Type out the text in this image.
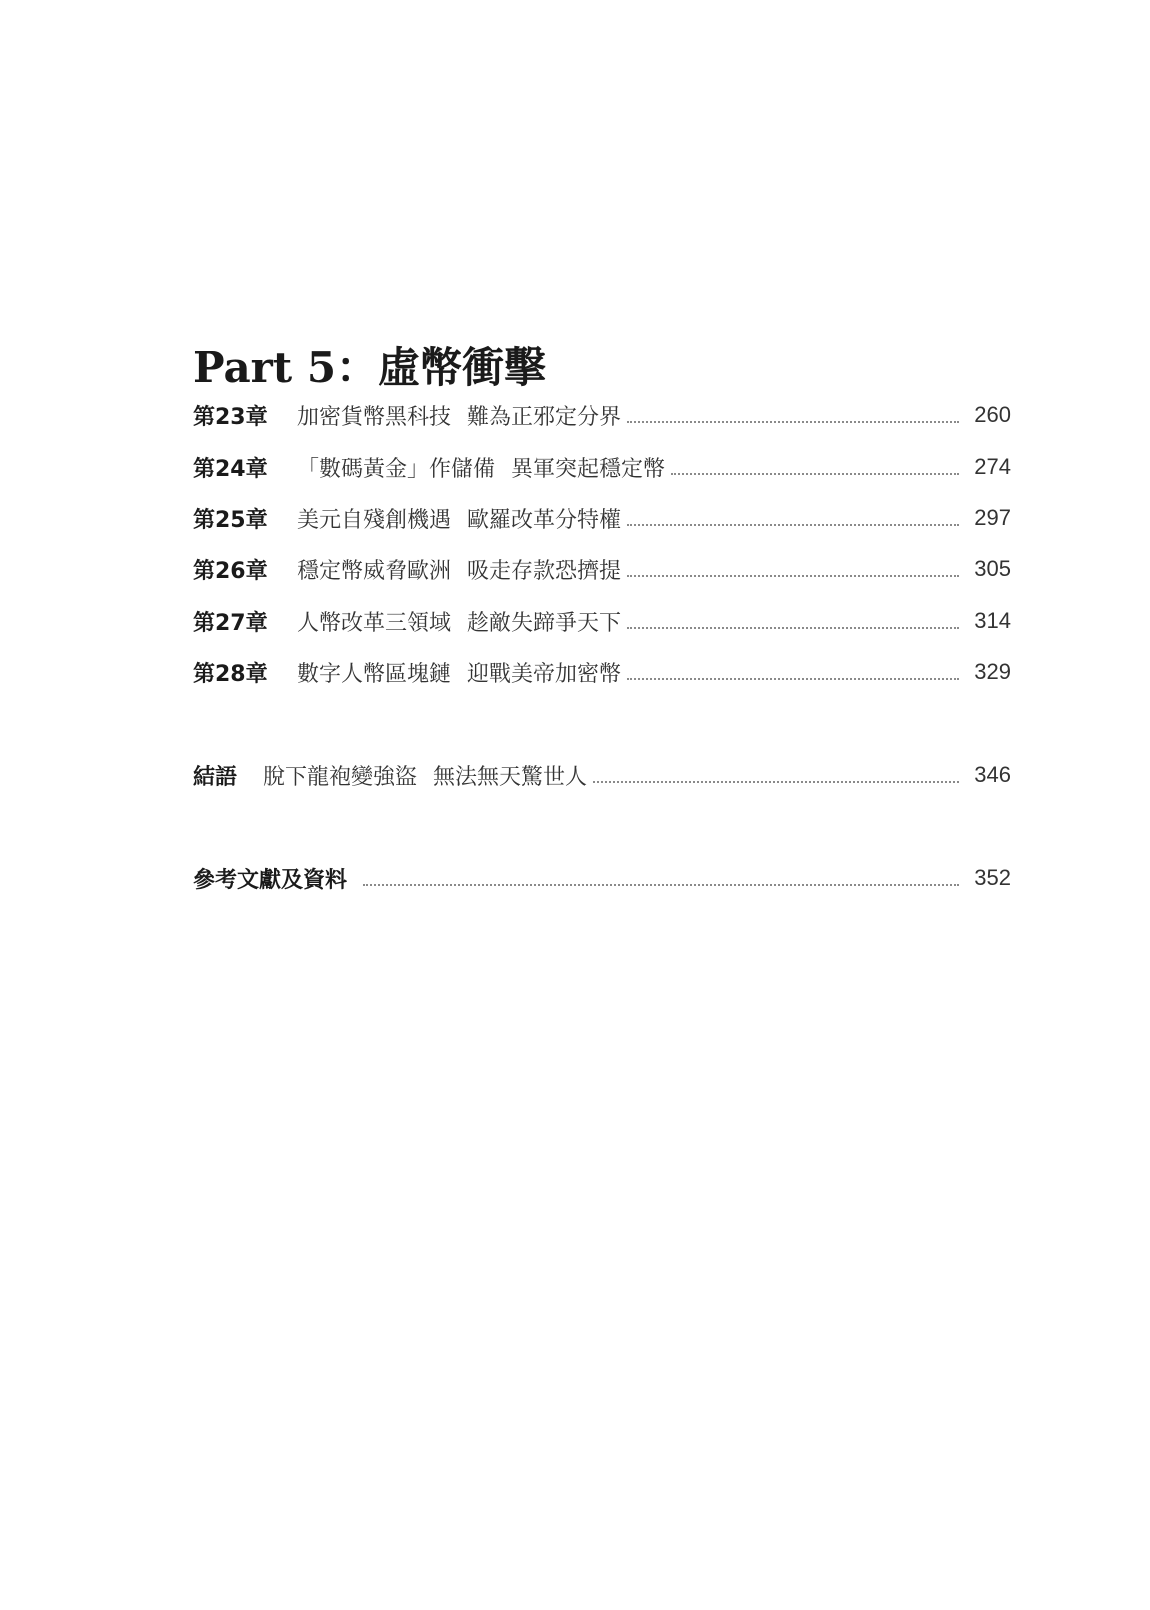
Part 5：虛幣衝擊
第23章	加密貨幣黑科技 難為正邪定分界	260
第24章	「數碼黃金」作儲備 異軍突起穩定幣	274
第25章	美元自殘創機遇 歐羅改革分特權	297
第26章	穩定幣威脅歐洲 吸走存款恐擠提	305
第27章	人幣改革三領域 趁敵失蹄爭天下	314
第28章	數字人幣區塊鏈 迎戰美帝加密幣	329
結語	脫下龍袍變強盜 無法無天驚世人	346
參考文獻及資料	352
